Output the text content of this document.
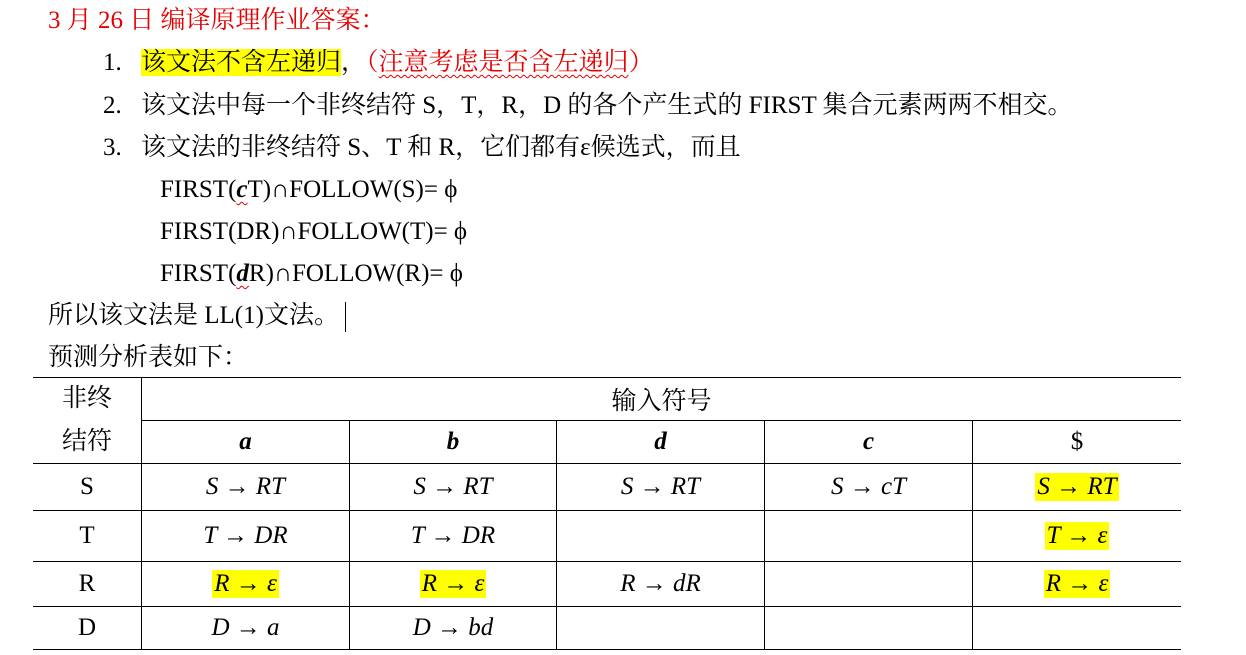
3 月 26 日 编译原理作业答案：
1. 该文法不含左递归，（注意考虑是否含左递归）
2. 该文法中每一个非终结符 S，T，R，D 的各个产生式的 FIRST 集合元素两两不相交。
3. 该文法的非终结符 S、T 和 R，它们都有ε候选式，而且
FIRST(cT)∩FOLLOW(S)= ϕ
FIRST(DR)∩FOLLOW(T)= ϕ
FIRST(dR)∩FOLLOW(R)= ϕ
所以该文法是 LL(1)文法。
预测分析表如下：
非终	输入符号				
结符	a	b	d	c	$
S	S → RT	S → RT	S → RT	S → cT	S → RT
T	T → DR	T → DR			T → ε
R	R → ε	R → ε	R → dR		R → ε
D	D → a	D → bd			
